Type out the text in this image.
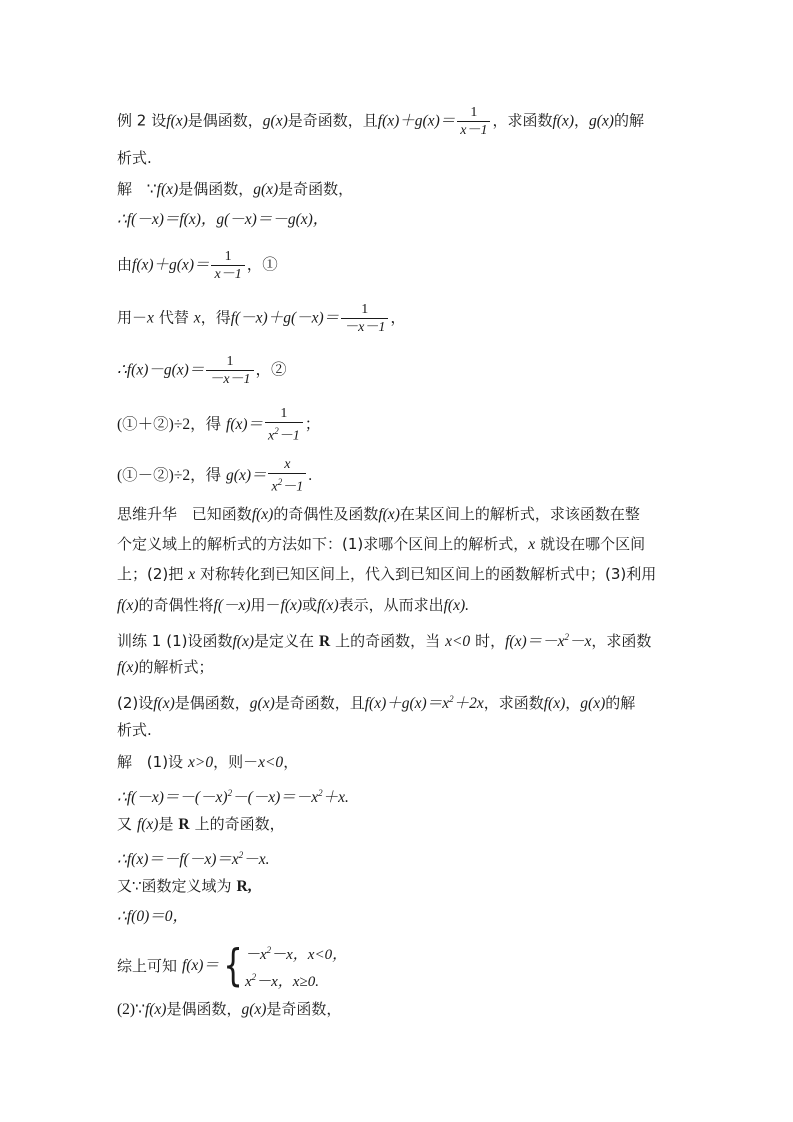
例 2 设f(x)是偶函数，g(x)是奇函数，且$f(x)+g(x)= \frac{1}{x-1}$ ，求函数f(x)，g(x)的解
析式.
解 ∵f(x)是偶函数，g(x)是奇函数，
∴f(－x)＝f(x)，g(－x)＝－g(x)，
由$f(x)+g(x)= \frac{1}{x-1}$ ，①
用－x 代替 x，得$f(-x)+g(-x)= \frac{1}{-x-1}$ ，
∴f(x)－g(x)＝ $\frac{1}{-x-1}$ ，②
(①＋②)÷2，得 $f(x)= \frac{1}{x^2-1}$ ；
(①－②)÷2，得 $g(x)= \frac{x}{x^2-1}$ .
思维升华 已知函数f(x)的奇偶性及函数f(x)在某区间上的解析式，求该函数在整
个定义域上的解析式的方法如下：(1)求哪个区间上的解析式，x 就设在哪个区间
上；(2)把 x 对称转化到已知区间上，代入到已知区间上的函数解析式中；(3)利用
f(x)的奇偶性将f(－x)用－f(x)或f(x)表示，从而求出f(x).
训练 1 (1)设函数f(x)是定义在 R 上的奇函数，当 x<0 时，$f(x)=-x^2-x$，求函数
f(x)的解析式；
(2)设f(x)是偶函数，g(x)是奇函数，且$f(x)+g(x)=x^2+2x$，求函数f(x)，g(x)的解
析式.
解 (1)设 x>0，则－x<0，
$\therefore f(-x)=-(-x)^2-(-x)=-x^2+x$.
又 f(x)是 R 上的奇函数，
$\therefore f(x)=-f(-x)=x^2-x$.
又∵函数定义域为 R,
∴f(0)＝0，
综上可知 $f(x)=\{ -x^2-x$，x<0，
$x^2-x$，x≥0.
(2)∵f(x)是偶函数，g(x)是奇函数，
